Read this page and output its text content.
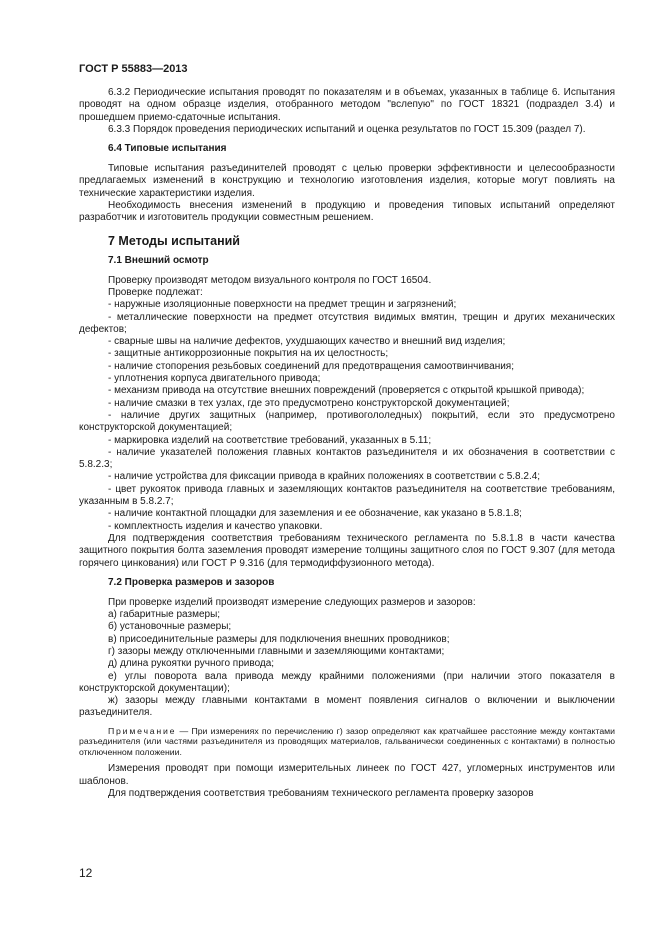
ГОСТ Р 55883—2013

6.3.2 Периодические испытания проводят по показателям и в объемах, указанных в таблице 6. Испытания проводят на одном образце изделия, отобранного методом "вслепую" по ГОСТ 18321 (подраздел 3.4) и прошедшем приемо-сдаточные испытания.

6.3.3 Порядок проведения периодических испытаний и оценка результатов по ГОСТ 15.309 (раздел 7).

6.4 Типовые испытания

Типовые испытания разъединителей проводят с целью проверки эффективности и целесообразности предлагаемых изменений в конструкцию и технологию изготовления изделия, которые могут повлиять на технические характеристики изделия.

Необходимость внесения изменений в продукцию и проведения типовых испытаний определяют разработчик и изготовитель продукции совместным решением.

7 Методы испытаний

7.1 Внешний осмотр

Проверку производят методом визуального контроля по ГОСТ 16504.

Проверке подлежат:

- наружные изоляционные поверхности на предмет трещин и загрязнений;

- металлические поверхности на предмет отсутствия видимых вмятин, трещин и других механических дефектов;

- сварные швы на наличие дефектов, ухудшающих качество и внешний вид изделия;

- защитные антикоррозионные покрытия на их целостность;

- наличие стопорения резьбовых соединений для предотвращения самоотвинчивания;

- уплотнения корпуса двигательного привода;

- механизм привода на отсутствие внешних повреждений (проверяется с открытой крышкой привода);

- наличие смазки в тех узлах, где это предусмотрено конструкторской документацией;

- наличие других защитных (например, противогололедных) покрытий, если это предусмотрено конструкторской документацией;

- маркировка изделий на соответствие требований, указанных в 5.11;

- наличие указателей положения главных контактов разъединителя и их обозначения в соответствии с 5.8.2.3;

- наличие устройства для фиксации привода в крайних положениях в соответствии с 5.8.2.4;

- цвет рукояток привода главных и заземляющих контактов разъединителя на соответствие требованиям, указанным в 5.8.2.7;

- наличие контактной площадки для заземления и ее обозначение, как указано в 5.8.1.8;

- комплектность изделия и качество упаковки.

Для подтверждения соответствия требованиям технического регламента по 5.8.1.8 в части качества защитного покрытия болта заземления проводят измерение толщины защитного слоя по ГОСТ 9.307 (для метода горячего цинкования) или ГОСТ Р 9.316 (для термодиффузионного метода).

7.2 Проверка размеров и зазоров

При проверке изделий производят измерение следующих размеров и зазоров:

а) габаритные размеры;

б) установочные размеры;

в) присоединительные размеры для подключения внешних проводников;

г) зазоры между отключенными главными и заземляющими контактами;

д) длина рукоятки ручного привода;

е) углы поворота вала привода между крайними положениями (при наличии этого показателя в конструкторской документации);

ж) зазоры между главными контактами в момент появления сигналов о включении и выключении разъединителя.

Примечание — При измерениях по перечислению г) зазор определяют как кратчайшее расстояние между контактами разъединителя (или частями разъединителя из проводящих материалов, гальванически соединенных с контактами) в полностью отключенном положении.

Измерения проводят при помощи измерительных линеек по ГОСТ 427, угломерных инструментов или шаблонов.

Для подтверждения соответствия требованиям технического регламента проверку зазоров

12
